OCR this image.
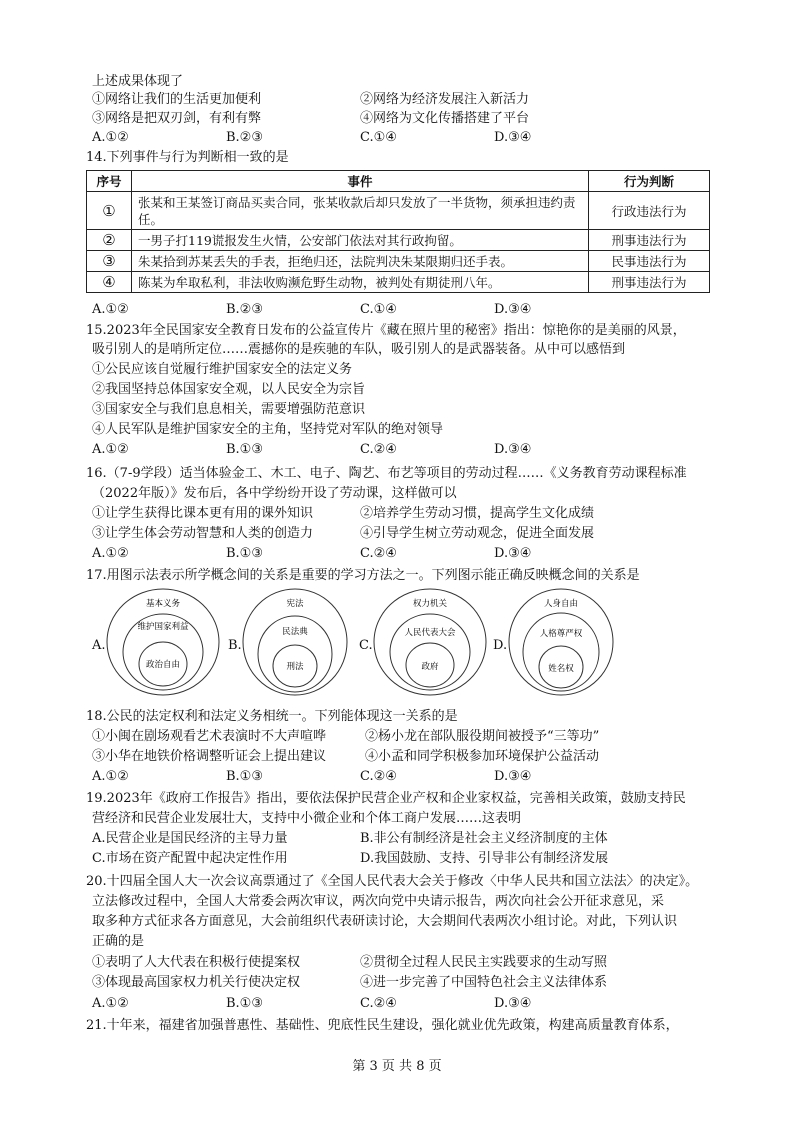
上述成果体现了
①网络让我们的生活更加便利	②网络为经济发展注入新活力
③网络是把双刃剑，有利有弊	④网络为文化传播搭建了平台
A.①②	B.②③	C.①④	D.③④
14.下列事件与行为判断相一致的是
序号	事件	行为判断
①	张某和王某签订商品买卖合同，张某收款后却只发放了一半货物，须承担违约责任。	行政违法行为
②	一男子打119谎报发生火情，公安部门依法对其行政拘留。	刑事违法行为
③	朱某拾到苏某丢失的手表，拒绝归还，法院判决朱某限期归还手表。	民事违法行为
④	陈某为牟取私利，非法收购濒危野生动物，被判处有期徒刑八年。	刑事违法行为
A.①②	B.②③	C.①④	D.③④
15.2023年全民国家安全教育日发布的公益宣传片《藏在照片里的秘密》指出：惊艳你的是美丽的风景，
吸引别人的是哨所定位……震撼你的是疾驰的车队，吸引别人的是武器装备。从中可以感悟到
①公民应该自觉履行维护国家安全的法定义务
②我国坚持总体国家安全观，以人民安全为宗旨
③国家安全与我们息息相关，需要增强防范意识
④人民军队是维护国家安全的主角，坚持党对军队的绝对领导
A.①②	B.①③	C.②④	D.③④
16.（7-9学段）适当体验金工、木工、电子、陶艺、布艺等项目的劳动过程……《义务教育劳动课程标准
（2022年版）》发布后，各中学纷纷开设了劳动课，这样做可以
①让学生获得比课本更有用的课外知识	②培养学生劳动习惯，提高学生文化成绩
③让学生体会劳动智慧和人类的创造力	④引导学生树立劳动观念，促进全面发展
A.①②	B.①③	C.②④	D.③④
17.用图示法表示所学概念间的关系是重要的学习方法之一。下列图示能正确反映概念间的关系是
A.
基本义务
维护国家利益
政治自由
B.
宪法
民法典
刑法
C.
权力机关
人民代表大会
政府
D.
人身自由
人格尊严权
姓名权
18.公民的法定权利和法定义务相统一。下列能体现这一关系的是
①小闽在剧场观看艺术表演时不大声喧哗	②杨小龙在部队服役期间被授予“三等功”
③小华在地铁价格调整听证会上提出建议	④小孟和同学积极参加环境保护公益活动
A.①②	B.①③	C.②④	D.③④
19.2023年《政府工作报告》指出，要依法保护民营企业产权和企业家权益，完善相关政策，鼓励支持民
营经济和民营企业发展壮大，支持中小微企业和个体工商户发展……这表明
A.民营企业是国民经济的主导力量	B.非公有制经济是社会主义经济制度的主体
C.市场在资产配置中起决定性作用	D.我国鼓励、支持、引导非公有制经济发展
20.十四届全国人大一次会议高票通过了《全国人民代表大会关于修改〈中华人民共和国立法法〉的决定》。
立法修改过程中，全国人大常委会两次审议，两次向党中央请示报告，两次向社会公开征求意见，采
取多种方式征求各方面意见，大会前组织代表研读讨论，大会期间代表两次小组讨论。对此，下列认识
正确的是
①表明了人大代表在积极行使提案权	②贯彻全过程人民民主实践要求的生动写照
③体现最高国家权力机关行使决定权	④进一步完善了中国特色社会主义法律体系
A.①②	B.①③	C.②④	D.③④
21.十年来，福建省加强普惠性、基础性、兜底性民生建设，强化就业优先政策，构建高质量教育体系，
第 3 页 共 8 页
